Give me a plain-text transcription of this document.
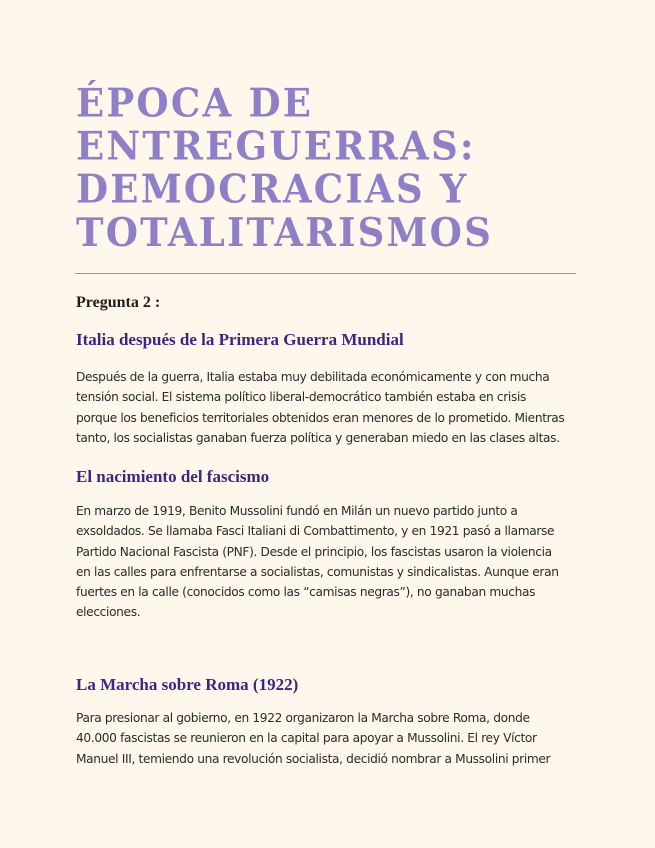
ÉPOCA DE
ENTREGUERRAS:
DEMOCRACIAS Y
TOTALITARISMOS

Pregunta 2 :

Italia después de la Primera Guerra Mundial

Después de la guerra, Italia estaba muy debilitada económicamente y con mucha
tensión social. El sistema político liberal-democrático también estaba en crisis
porque los beneficios territoriales obtenidos eran menores de lo prometido. Mientras
tanto, los socialistas ganaban fuerza política y generaban miedo en las clases altas.

El nacimiento del fascismo

En marzo de 1919, Benito Mussolini fundó en Milán un nuevo partido junto a
exsoldados. Se llamaba Fasci Italiani di Combattimento, y en 1921 pasó a llamarse
Partido Nacional Fascista (PNF). Desde el principio, los fascistas usaron la violencia
en las calles para enfrentarse a socialistas, comunistas y sindicalistas. Aunque eran
fuertes en la calle (conocidos como las “camisas negras”), no ganaban muchas
elecciones.

La Marcha sobre Roma (1922)

Para presionar al gobierno, en 1922 organizaron la Marcha sobre Roma, donde
40.000 fascistas se reunieron en la capital para apoyar a Mussolini. El rey Víctor
Manuel III, temiendo una revolución socialista, decidió nombrar a Mussolini primer
